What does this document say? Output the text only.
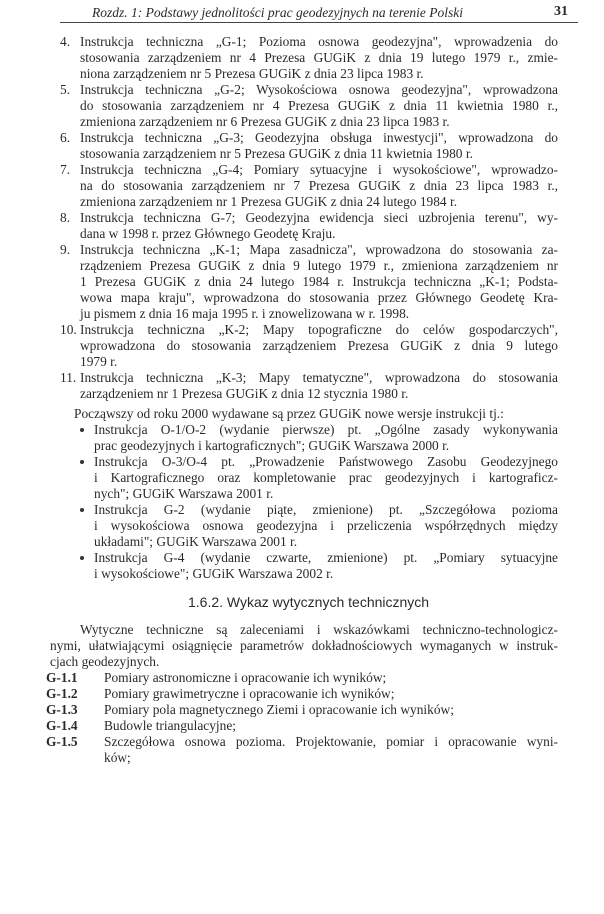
Rozdz. 1: Podstawy jednolitości prac geodezyjnych na terenie Polski	31
4. Instrukcja techniczna „G-1; Pozioma osnowa geodezyjna", wprowadzenia do
stosowania zarządzeniem nr 4 Prezesa GUGiK z dnia 19 lutego 1979 r., zmie-
niona zarządzeniem nr 5 Prezesa GUGiK z dnia 23 lipca 1983 r.
5. Instrukcja techniczna „G-2; Wysokościowa osnowa geodezyjna", wprowadzona
do stosowania zarządzeniem nr 4 Prezesa GUGiK z dnia 11 kwietnia 1980 r.,
zmieniona zarządzeniem nr 6 Prezesa GUGiK z dnia 23 lipca 1983 r.
6. Instrukcja techniczna „G-3; Geodezyjna obsługa inwestycji", wprowadzona do
stosowania zarządzeniem nr 5 Prezesa GUGiK z dnia 11 kwietnia 1980 r.
7. Instrukcja techniczna „G-4; Pomiary sytuacyjne i wysokościowe", wprowadzo-
na do stosowania zarządzeniem nr 7 Prezesa GUGiK z dnia 23 lipca 1983 r.,
zmieniona zarządzeniem nr 1 Prezesa GUGiK z dnia 24 lutego 1984 r.
8. Instrukcja techniczna G-7; Geodezyjna ewidencja sieci uzbrojenia terenu", wy-
dana w 1998 r. przez Głównego Geodetę Kraju.
9. Instrukcja techniczna „K-1; Mapa zasadnicza", wprowadzona do stosowania za-
rządzeniem Prezesa GUGiK z dnia 9 lutego 1979 r., zmieniona zarządzeniem nr
1 Prezesa GUGiK z dnia 24 lutego 1984 r. Instrukcja techniczna „K-1; Podsta-
wowa mapa kraju", wprowadzona do stosowania przez Głównego Geodetę Kra-
ju pismem z dnia 16 maja 1995 r. i znowelizowana w r. 1998.
10. Instrukcja techniczna „K-2; Mapy topograficzne do celów gospodarczych",
wprowadzona do stosowania zarządzeniem Prezesa GUGiK z dnia 9 lutego
1979 r.
11. Instrukcja techniczna „K-3; Mapy tematyczne", wprowadzona do stosowania
zarządzeniem nr 1 Prezesa GUGiK z dnia 12 stycznia 1980 r.
Począwszy od roku 2000 wydawane są przez GUGiK nowe wersje instrukcji tj.:
Instrukcja O-1/O-2 (wydanie pierwsze) pt. „Ogólne zasady wykonywania
prac geodezyjnych i kartograficznych"; GUGiK Warszawa 2000 r.
Instrukcja O-3/O-4 pt. „Prowadzenie Państwowego Zasobu Geodezyjnego
i Kartograficznego oraz kompletowanie prac geodezyjnych i kartograficz-
nych"; GUGiK Warszawa 2001 r.
Instrukcja G-2 (wydanie piąte, zmienione) pt. „Szczegółowa pozioma
i wysokościowa osnowa geodezyjna i przeliczenia współrzędnych między
układami"; GUGiK Warszawa 2001 r.
Instrukcja G-4 (wydanie czwarte, zmienione) pt. „Pomiary sytuacyjne
i wysokościowe"; GUGiK Warszawa 2002 r.
1.6.2. Wykaz wytycznych technicznych
Wytyczne techniczne są zaleceniami i wskazówkami techniczno-technologicz-
nymi, ułatwiającymi osiągnięcie parametrów dokładnościowych wymaganych w instruk-
cjach geodezyjnych.
G-1.1 Pomiary astronomiczne i opracowanie ich wyników;
G-1.2 Pomiary grawimetryczne i opracowanie ich wyników;
G-1.3 Pomiary pola magnetycznego Ziemi i opracowanie ich wyników;
G-1.4 Budowle triangulacyjne;
G-1.5 Szczegółowa osnowa pozioma. Projektowanie, pomiar i opracowanie wyni-
ków;
